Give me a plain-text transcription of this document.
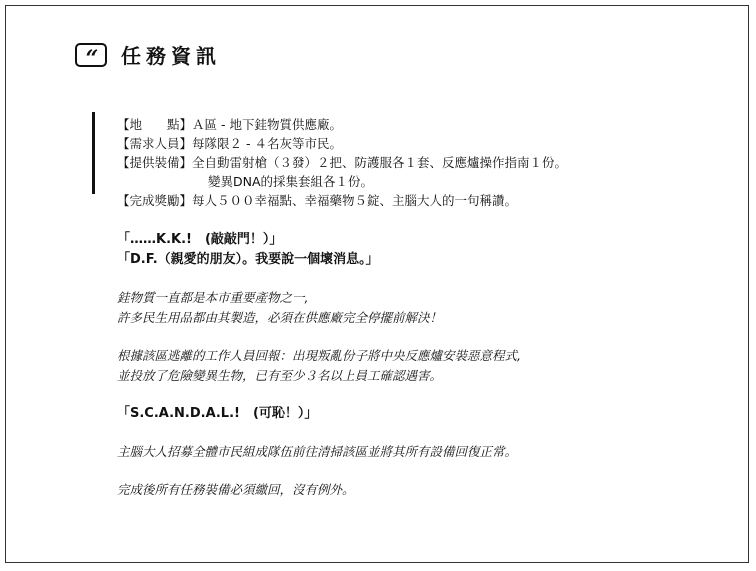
“	任務資訊
【地　　點】 Ａ區 - 地下銈物質供應廠。
【需求人員】 每隊限２ - ４名灰等市民。
【提供裝備】 全自動雷射槍（３發）２把、防護服各１套、反應爐操作指南１份。
變異DNA的採集套組各１份。
【完成獎勵】 每人５００幸福點、幸福藥物５錠、主腦大人的一句稱讚。
「……K.K.!　(敲敲門！）」
「D.F.（親愛的朋友）。我要說一個壞消息。」
銈物質一直都是本市重要產物之一,
許多民生用品都由其製造，必須在供應廠完全停擺前解決！
根據該區逃離的工作人員回報：出現叛亂份子將中央反應爐安裝惡意程式,
並投放了危險變異生物，已有至少３名以上員工確認遇害。
「S.C.A.N.D.A.L.!　(可恥！）」
主腦大人招募全體市民組成隊伍前往清掃該區並將其所有設備回復正常。
完成後所有任務裝備必須繳回，沒有例外。
